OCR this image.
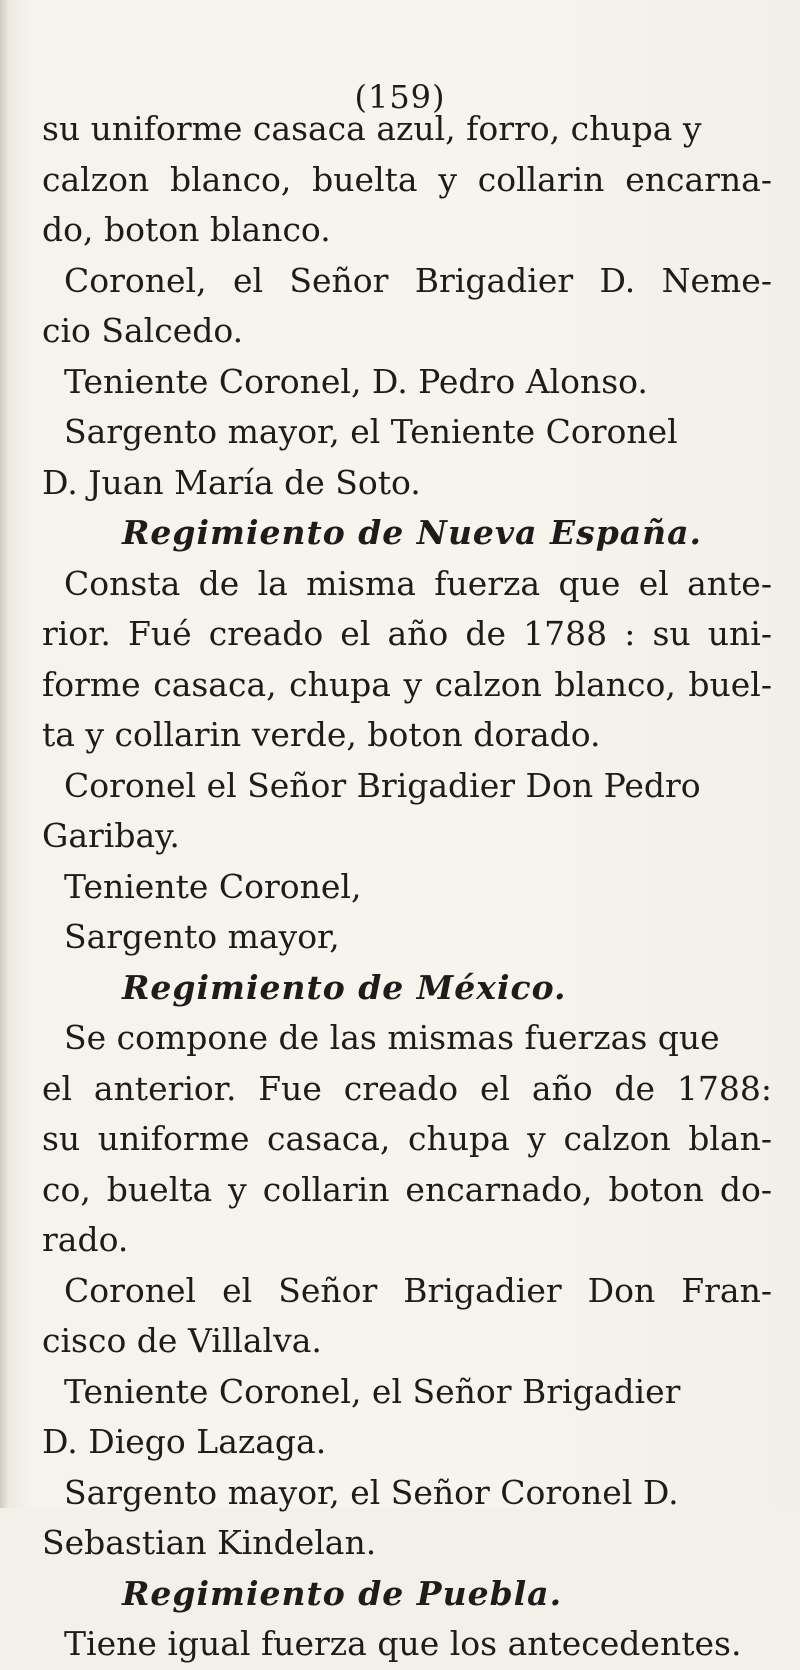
(159)
su uniforme casaca azul, forro, chupa y
calzon blanco, buelta y collarin encarna-
do, boton blanco.
Coronel, el Señor Brigadier D. Neme-
cio Salcedo.
Teniente Coronel, D. Pedro Alonso.
Sargento mayor, el Teniente Coronel
D. Juan María de Soto.
Regimiento de Nueva España.
Consta de la misma fuerza que el ante-
rior. Fué creado el año de 1788 : su uni-
forme casaca, chupa y calzon blanco, buel-
ta y collarin verde, boton dorado.
Coronel el Señor Brigadier Don Pedro
Garibay.
Teniente Coronel,
Sargento mayor,
Regimiento de México.
Se compone de las mismas fuerzas que
el anterior. Fue creado el año de 1788:
su uniforme casaca, chupa y calzon blan-
co, buelta y collarin encarnado, boton do-
rado.
Coronel el Señor Brigadier Don Fran-
cisco de Villalva.
Teniente Coronel, el Señor Brigadier
D. Diego Lazaga.
Sargento mayor, el Señor Coronel D.
Sebastian Kindelan.
Regimiento de Puebla.
Tiene igual fuerza que los antecedentes.
